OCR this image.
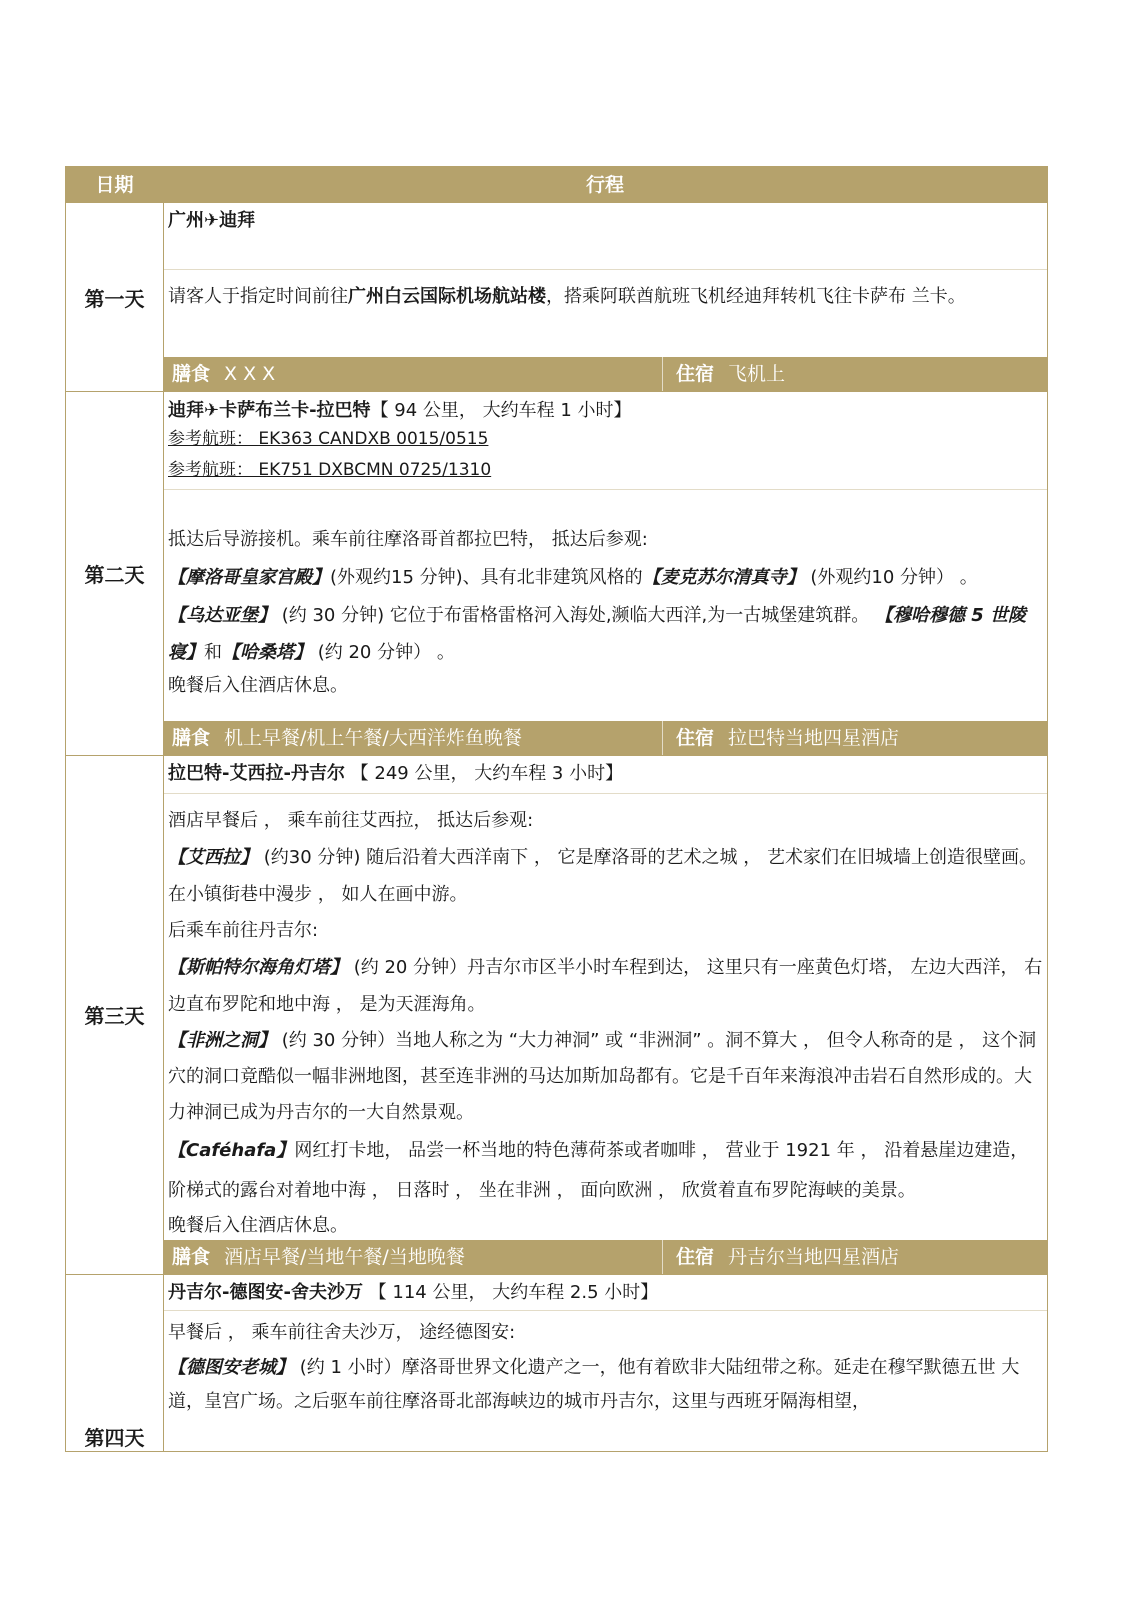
日期	行程
第一天

广州✈迪拜

请客人于指定时间前往广州白云国际机场航站楼，搭乘阿联酋航班飞机经迪拜转机飞往卡萨布 兰卡。

膳食 X X X	住宿 飞机上
第二天

迪拜✈卡萨布兰卡-拉巴特【 94 公里， 大约车程 1 小时】

参考航班： EK363 CANDXB 0015/0515

参考航班： EK751 DXBCMN 0725/1310

抵达后导游接机。乘车前往摩洛哥首都拉巴特， 抵达后参观:

【摩洛哥皇家宫殿】(外观约15 分钟)、具有北非建筑风格的【麦克苏尔清真寺】 (外观约10 分钟） 。

【乌达亚堡】 (约 30 分钟) 它位于布雷格雷格河入海处,濒临大西洋,为一古城堡建筑群。 【穆哈穆德 5 世陵寝】和【哈桑塔】 (约 20 分钟） 。

晚餐后入住酒店休息。

膳食 机上早餐/机上午餐/大西洋炸鱼晚餐	住宿 拉巴特当地四星酒店
第三天

拉巴特-艾西拉-丹吉尔 【 249 公里， 大约车程 3 小时】

酒店早餐后 ， 乘车前往艾西拉， 抵达后参观:

【艾西拉】 (约30 分钟) 随后沿着大西洋南下 ， 它是摩洛哥的艺术之城 ， 艺术家们在旧城墙上创造很壁画。在小镇街巷中漫步 ， 如人在画中游。

后乘车前往丹吉尔:

【斯帕特尔海角灯塔】 (约 20 分钟）丹吉尔市区半小时车程到达， 这里只有一座黄色灯塔， 左边大西洋， 右边直布罗陀和地中海 ， 是为天涯海角。

【非洲之洞】 (约 30 分钟）当地人称之为 “大力神洞” 或 “非洲洞” 。洞不算大 ， 但令人称奇的是 ， 这个洞穴的洞口竟酷似一幅非洲地图，甚至连非洲的马达加斯加岛都有。它是千百年来海浪冲击岩石自然形成的。大力神洞已成为丹吉尔的一大自然景观。

【Caféhafa】网红打卡地， 品尝一杯当地的特色薄荷茶或者咖啡 ， 营业于 1921 年 ， 沿着悬崖边建造， 阶梯式的露台对着地中海 ， 日落时 ， 坐在非洲 ， 面向欧洲 ， 欣赏着直布罗陀海峡的美景。

晚餐后入住酒店休息。

膳食 酒店早餐/当地午餐/当地晚餐	住宿 丹吉尔当地四星酒店
第四天

丹吉尔-德图安-舍夫沙万 【 114 公里， 大约车程 2.5 小时】

早餐后 ， 乘车前往舍夫沙万， 途经德图安:

【德图安老城】 (约 1 小时）摩洛哥世界文化遗产之一，他有着欧非大陆纽带之称。延走在穆罕默德五世 大道，皇宫广场。之后驱车前往摩洛哥北部海峡边的城市丹吉尔，这里与西班牙隔海相望，
